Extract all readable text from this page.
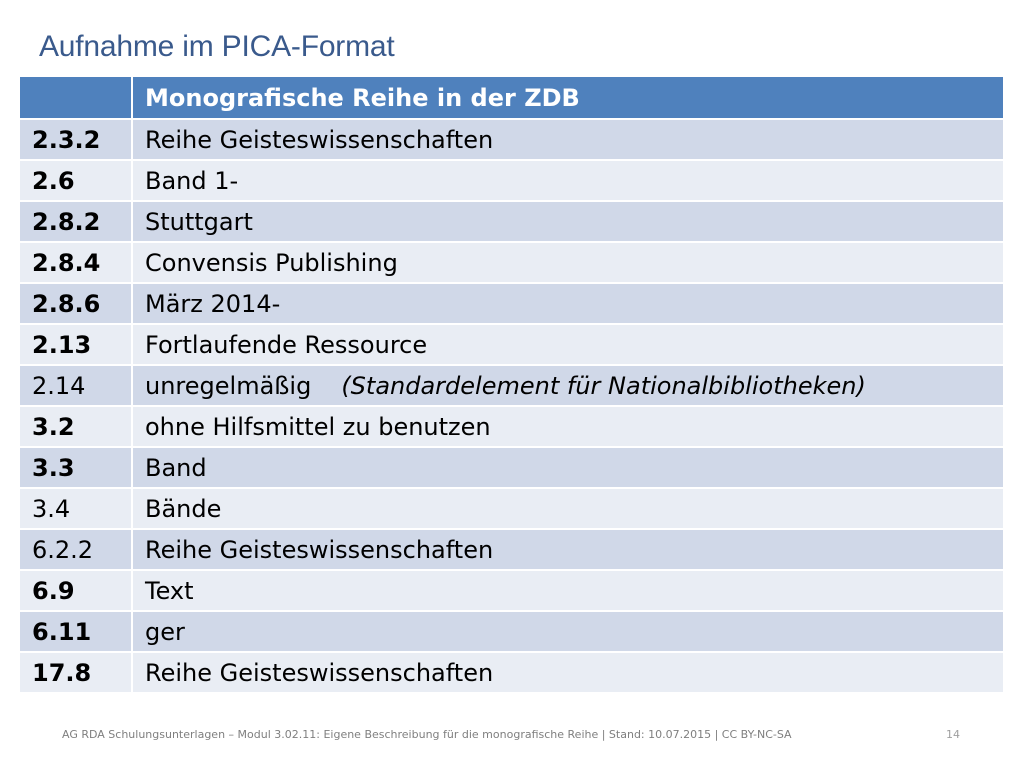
Aufnahme im PICA-Format
	Monografische Reihe in der ZDB
2.3.2	Reihe Geisteswissenschaften
2.6	Band 1-
2.8.2	Stuttgart
2.8.4	Convensis Publishing
2.8.6	März 2014-
2.13	Fortlaufende Ressource
2.14	unregelmäßig (Standardelement für Nationalbibliotheken)
3.2	ohne Hilfsmittel zu benutzen
3.3	Band
3.4	Bände
6.2.2	Reihe Geisteswissenschaften
6.9	Text
6.11	ger
17.8	Reihe Geisteswissenschaften
AG RDA Schulungsunterlagen – Modul 3.02.11: Eigene Beschreibung für die monografische Reihe | Stand: 10.07.2015 | CC BY-NC-SA	14
